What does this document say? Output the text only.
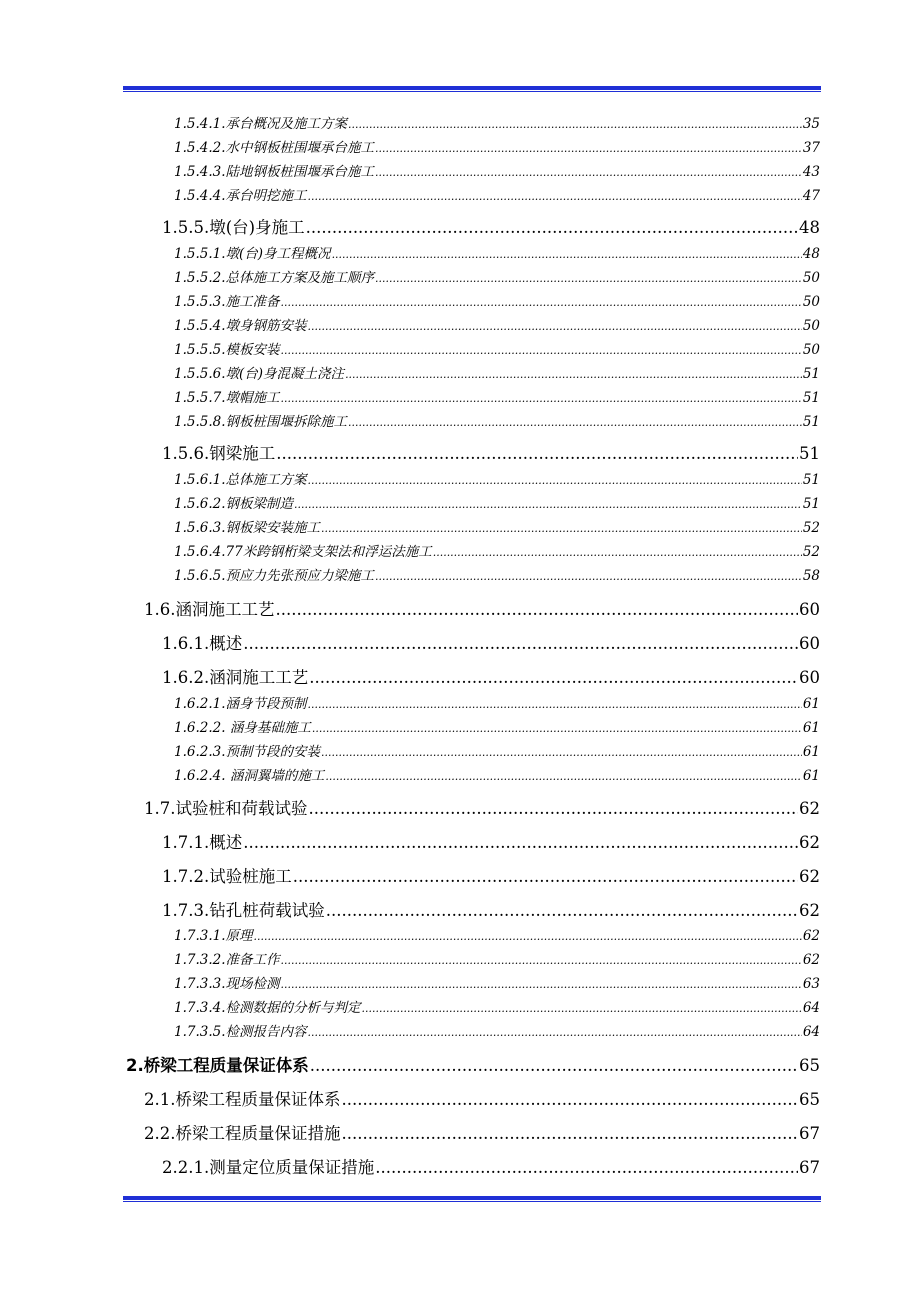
1.5.4.1.承台概况及施工方案 .....	35
1.5.4.2.水中钢板桩围堰承台施工 .....	37
1.5.4.3.陆地钢板桩围堰承台施工 .....	43
1.5.4.4.承台明挖施工 .....	47
1.5.5.墩(台)身施工 .....	48
1.5.5.1.墩(台)身工程概况 .....	48
1.5.5.2.总体施工方案及施工顺序 .....	50
1.5.5.3.施工准备 .....	50
1.5.5.4.墩身钢筋安装 .....	50
1.5.5.5.模板安装 .....	50
1.5.5.6.墩(台)身混凝土浇注 .....	51
1.5.5.7.墩帽施工 .....	51
1.5.5.8.钢板桩围堰拆除施工 .....	51
1.5.6.钢梁施工 .....	51
1.5.6.1.总体施工方案 .....	51
1.5.6.2.钢板梁制造 .....	51
1.5.6.3.钢板梁安装施工 .....	52
1.5.6.4.77米跨钢桁梁支架法和浮运法施工 .....	52
1.5.6.5.预应力先张预应力梁施工 .....	58
1.6.涵洞施工工艺 .....	60
1.6.1.概述 .....	60
1.6.2.涵洞施工工艺 .....	60
1.6.2.1.涵身节段预制 .....	61
1.6.2.2. 涵身基础施工 .....	61
1.6.2.3.预制节段的安装 .....	61
1.6.2.4. 涵洞翼墙的施工 .....	61
1.7.试验桩和荷载试验 .....	62
1.7.1.概述 .....	62
1.7.2.试验桩施工 .....	62
1.7.3.钻孔桩荷载试验 .....	62
1.7.3.1.原理 .....	62
1.7.3.2.准备工作 .....	62
1.7.3.3.现场检测 .....	63
1.7.3.4.检测数据的分析与判定 .....	64
1.7.3.5.检测报告内容 .....	64
2.桥梁工程质量保证体系 .....	65
2.1.桥梁工程质量保证体系 .....	65
2.2.桥梁工程质量保证措施 .....	67
2.2.1.测量定位质量保证措施 .....	67
